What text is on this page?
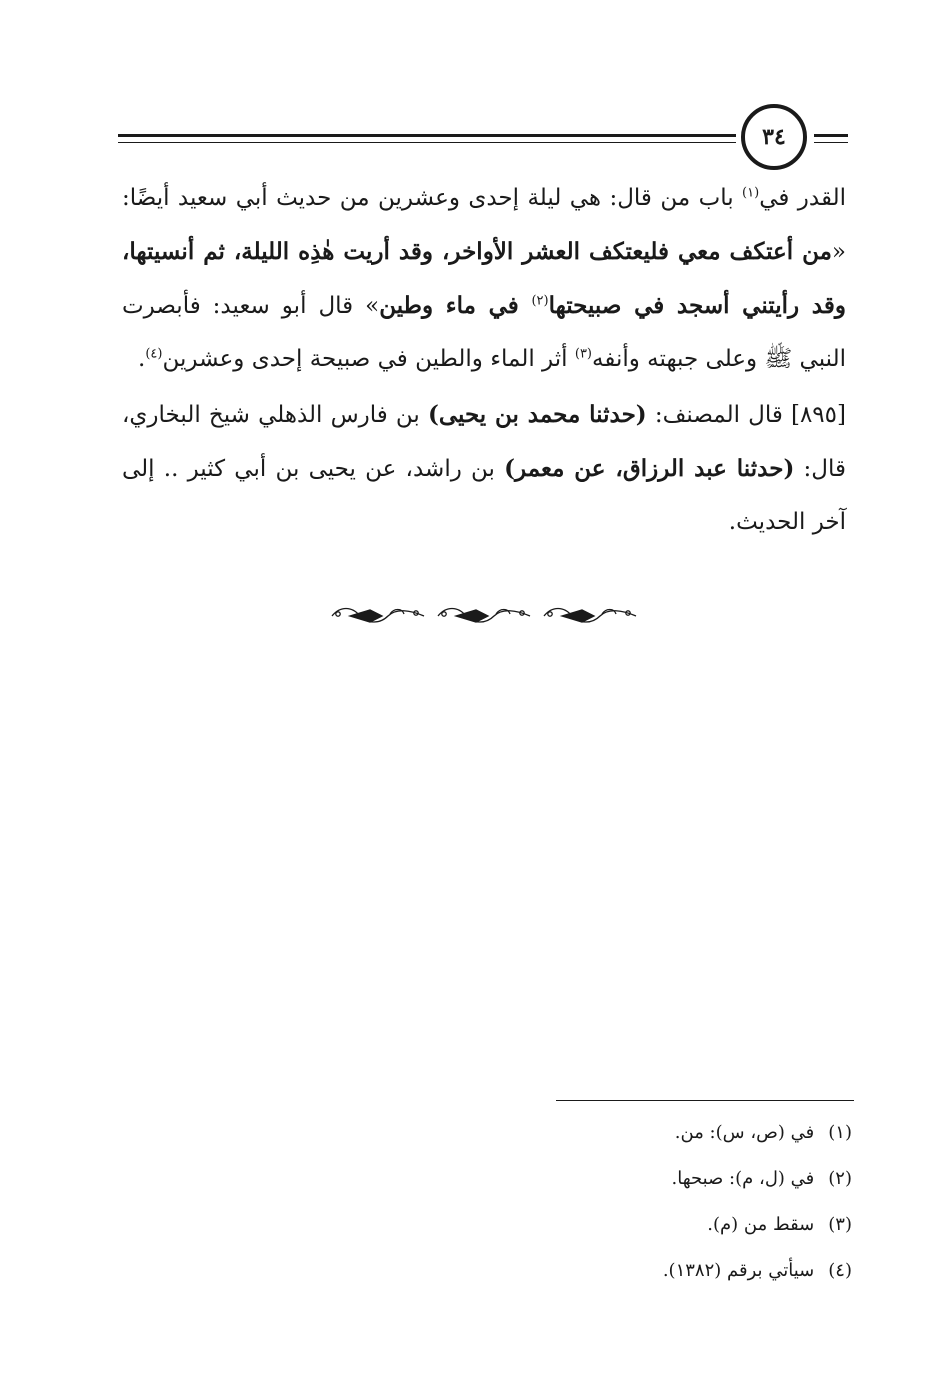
٣٤

القدر في$^{(١)}$ باب من قال: هي ليلة إحدى وعشرين من حديث أبي سعيد أيضًا: «من أعتكف معي فليعتكف العشر الأواخر، وقد أريت هٰذِه الليلة، ثم أنسيتها، وقد رأيتني أسجد في صبيحتها$^{(٢)}$ في ماء وطين» قال أبو سعيد: فأبصرت النبي ﷺ وعلى جبهته وأنفه$^{(٣)}$ أثر الماء والطين في صبيحة إحدى وعشرين$^{(٤)}$.

[٨٩٥] قال المصنف: (حدثنا محمد بن يحيى) بن فارس الذهلي شيخ البخاري، قال: (حدثنا عبد الرزاق، عن معمر) بن راشد، عن يحيى بن أبي كثير .. إلى آخر الحديث.

(١)في (ص، س): من.
(٢)في (ل، م): صبحها.
(٣)سقط من (م).
(٤)سيأتي برقم (١٣٨٢).
